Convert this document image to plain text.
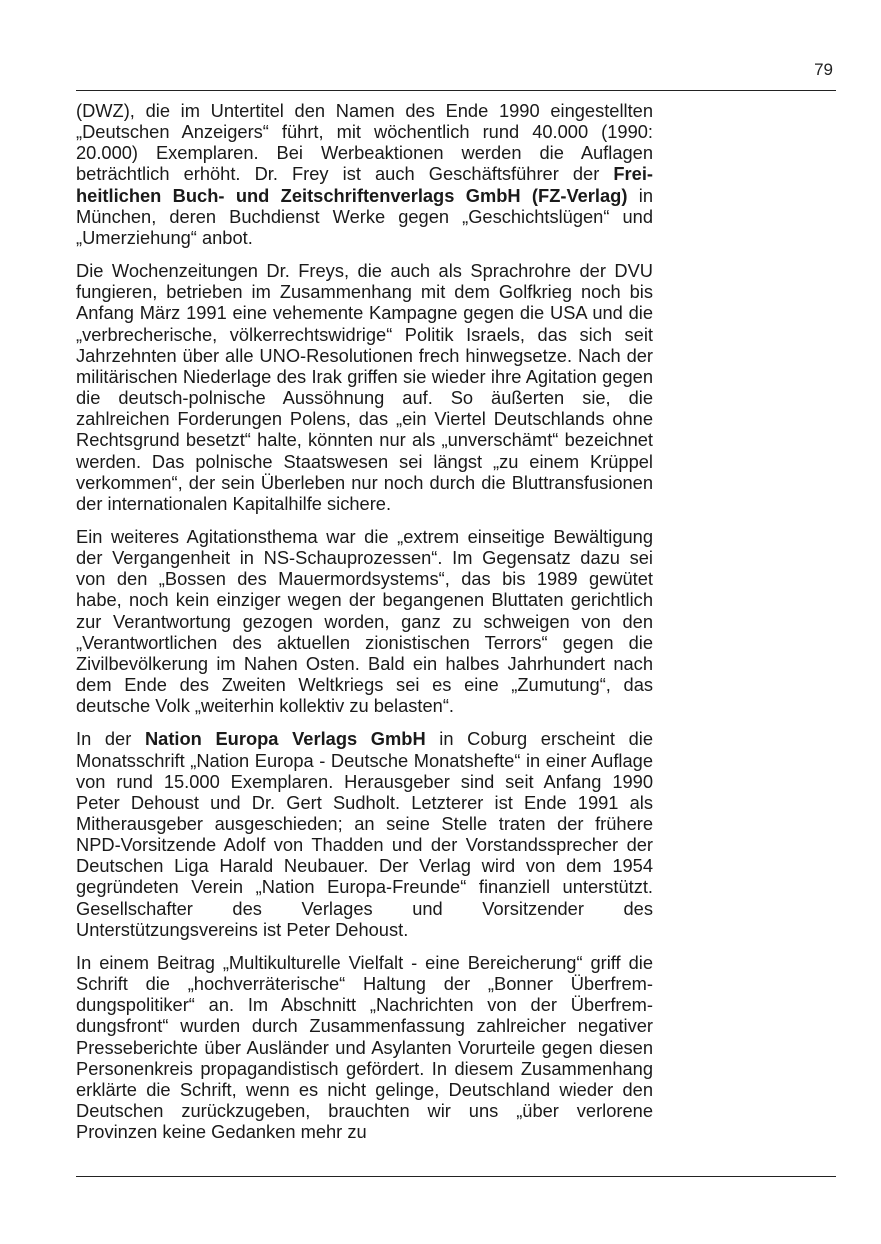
79

(DWZ), die im Untertitel den Namen des Ende 1990 eingestellten „Deutschen Anzeigers“ führt, mit wöchentlich rund 40.000 (1990: 20.000) Exemplaren. Bei Werbeaktionen werden die Auflagen beträchtlich erhöht. Dr. Frey ist auch Geschäftsführer der Freiheitlichen Buch- und Zeitschriftenverlags GmbH (FZ-Verlag) in München, deren Buchdienst Werke gegen „Geschichtslügen“ und „Umerziehung“ anbot.

Die Wochenzeitungen Dr. Freys, die auch als Sprachrohre der DVU fungieren, betrieben im Zusammenhang mit dem Golfkrieg noch bis Anfang März 1991 eine vehemente Kampagne gegen die USA und die „verbrecherische, völkerrechtswidrige“ Politik Israels, das sich seit Jahrzehnten über alle UNO-Resolutionen frech hinwegsetze. Nach der militärischen Niederlage des Irak griffen sie wieder ihre Agitation gegen die deutsch-polnische Aussöhnung auf. So äußerten sie, die zahlreichen Forderungen Polens, das „ein Viertel Deutschlands ohne Rechtsgrund besetzt“ halte, könnten nur als „unverschämt“ bezeichnet werden. Das polnische Staatswesen sei längst „zu einem Krüppel verkommen“, der sein Überleben nur noch durch die Bluttransfusionen der internationalen Kapitalhilfe sichere.

Ein weiteres Agitationsthema war die „extrem einseitige Bewältigung der Vergangenheit in NS-Schauprozessen“. Im Gegensatz dazu sei von den „Bossen des Mauermordsystems“, das bis 1989 gewütet habe, noch kein einziger wegen der begangenen Bluttaten gerichtlich zur Verantwortung gezogen worden, ganz zu schweigen von den „Verantwortlichen des aktuellen zionistischen Terrors“ gegen die Zivilbevölkerung im Nahen Osten. Bald ein halbes Jahrhundert nach dem Ende des Zweiten Weltkriegs sei es eine „Zumutung“, das deutsche Volk „weiterhin kollektiv zu belasten“.

In der Nation Europa Verlags GmbH in Coburg erscheint die Monatsschrift „Nation Europa - Deutsche Monatshefte“ in einer Auflage von rund 15.000 Exemplaren. Herausgeber sind seit Anfang 1990 Peter Dehoust und Dr. Gert Sudholt. Letzterer ist Ende 1991 als Mitherausgeber ausgeschieden; an seine Stelle traten der frühere NPD-Vorsitzende Adolf von Thadden und der Vorstandssprecher der Deutschen Liga Harald Neubauer. Der Verlag wird von dem 1954 gegründeten Verein „Nation Europa-Freunde“ finanziell unterstützt. Gesellschafter des Verlages und Vorsitzender des Unterstützungsvereins ist Peter Dehoust.

In einem Beitrag „Multikulturelle Vielfalt - eine Bereicherung“ griff die Schrift die „hochverräterische“ Haltung der „Bonner Überfremdungspolitiker“ an. Im Abschnitt „Nachrichten von der Überfremdungsfront“ wurden durch Zusammenfassung zahlreicher negativer Presseberichte über Ausländer und Asylanten Vorurteile gegen diesen Personenkreis propagandistisch gefördert. In diesem Zusammenhang erklärte die Schrift, wenn es nicht gelinge, Deutschland wieder den Deutschen zurückzugeben, brauchten wir uns „über verlorene Provinzen keine Gedanken mehr zu
